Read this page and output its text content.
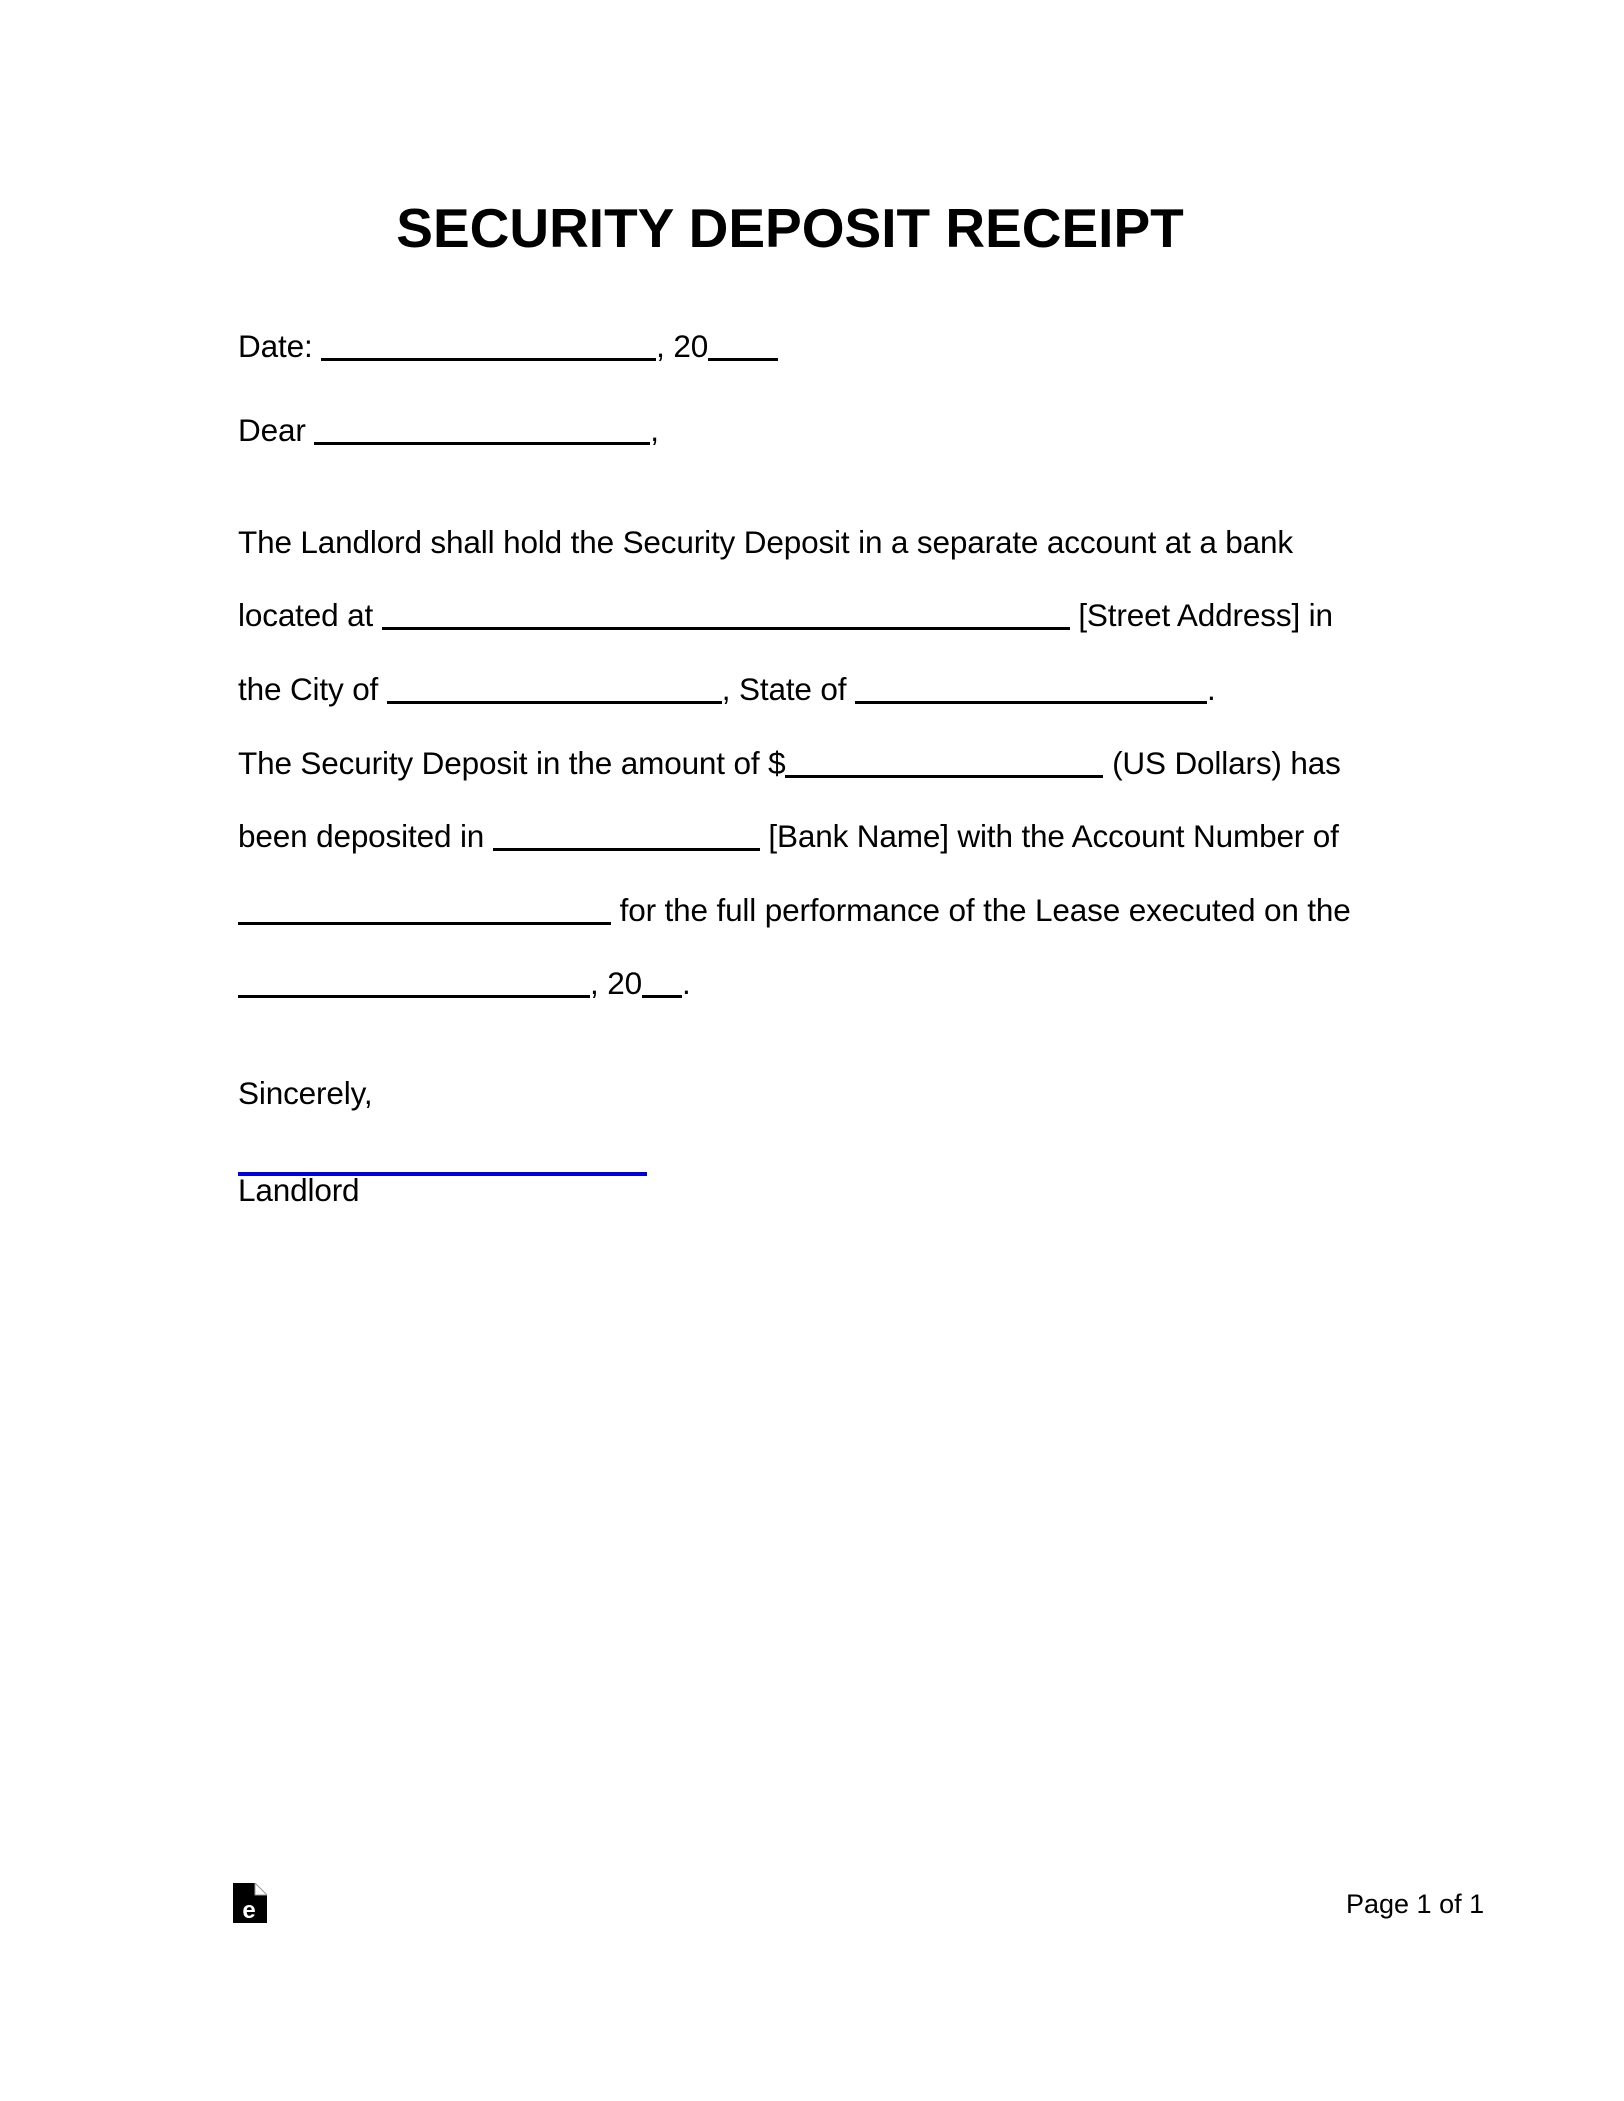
SECURITY DEPOSIT RECEIPT
Date:	, 20
Dear	,
The Landlord shall hold the Security Deposit in a separate account at a bank
located at	[Street Address] in
the City of	, State of	.
The Security Deposit in the amount of $	(US Dollars) has
been deposited in	[Bank Name] with the Account Number of
for the full performance of the Lease executed on the
, 20 .
Sincerely,
Landlord
e	Page 1 of 1
